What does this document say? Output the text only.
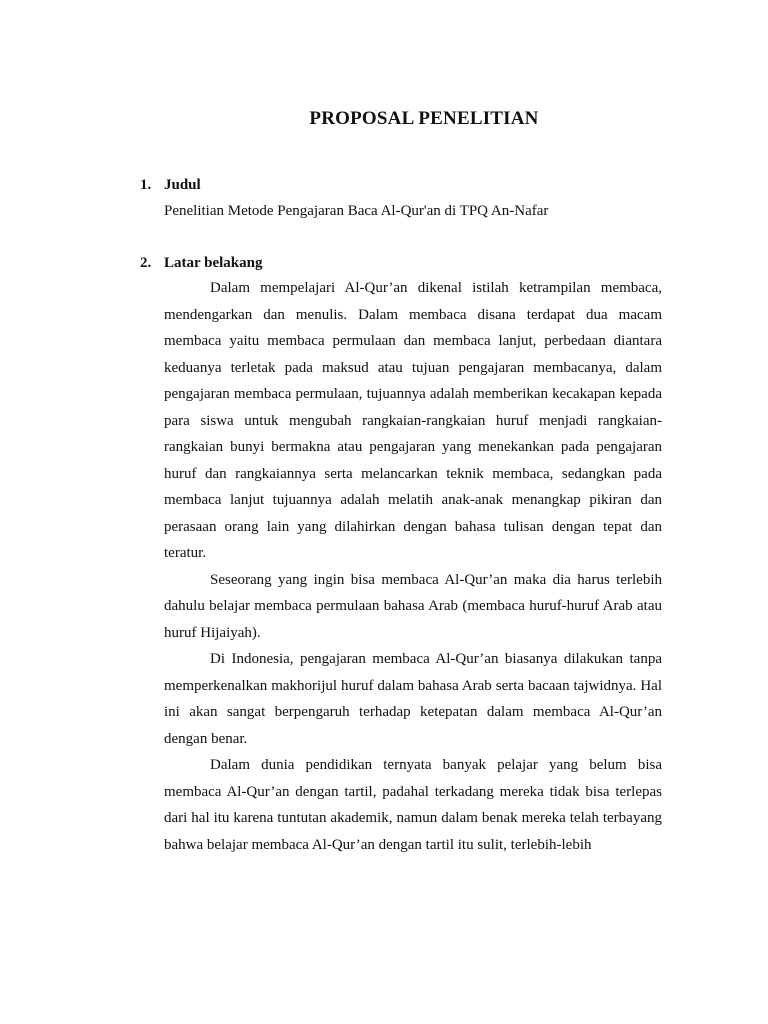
PROPOSAL PENELITIAN
1. Judul
Penelitian Metode Pengajaran Baca Al-Qur'an di TPQ An-Nafar
2. Latar belakang

Dalam mempelajari Al-Qur’an dikenal istilah ketrampilan membaca, mendengarkan dan menulis. Dalam membaca disana terdapat dua macam membaca yaitu membaca permulaan dan membaca lanjut, perbedaan diantara keduanya terletak pada maksud atau tujuan pengajaran membacanya, dalam pengajaran membaca permulaan, tujuannya adalah memberikan kecakapan kepada para siswa untuk mengubah rangkaian-rangkaian huruf menjadi rangkaian-rangkaian bunyi bermakna atau pengajaran yang menekankan pada pengajaran huruf dan rangkaiannya serta melancarkan teknik membaca, sedangkan pada membaca lanjut tujuannya adalah melatih anak-anak menangkap pikiran dan perasaan orang lain yang dilahirkan dengan bahasa tulisan dengan tepat dan teratur.

Seseorang yang ingin bisa membaca Al-Qur’an maka dia harus terlebih dahulu belajar membaca permulaan bahasa Arab (membaca huruf-huruf Arab atau huruf Hijaiyah).

Di Indonesia, pengajaran membaca Al-Qur’an biasanya dilakukan tanpa memperkenalkan makhorijul huruf dalam bahasa Arab serta bacaan tajwidnya. Hal ini akan sangat berpengaruh terhadap ketepatan dalam membaca Al-Qur’an dengan benar.

Dalam dunia pendidikan ternyata banyak pelajar yang belum bisa membaca Al-Qur’an dengan tartil, padahal terkadang mereka tidak bisa terlepas dari hal itu karena tuntutan akademik, namun dalam benak mereka telah terbayang bahwa belajar membaca Al-Qur’an dengan tartil itu sulit, terlebih-lebih
